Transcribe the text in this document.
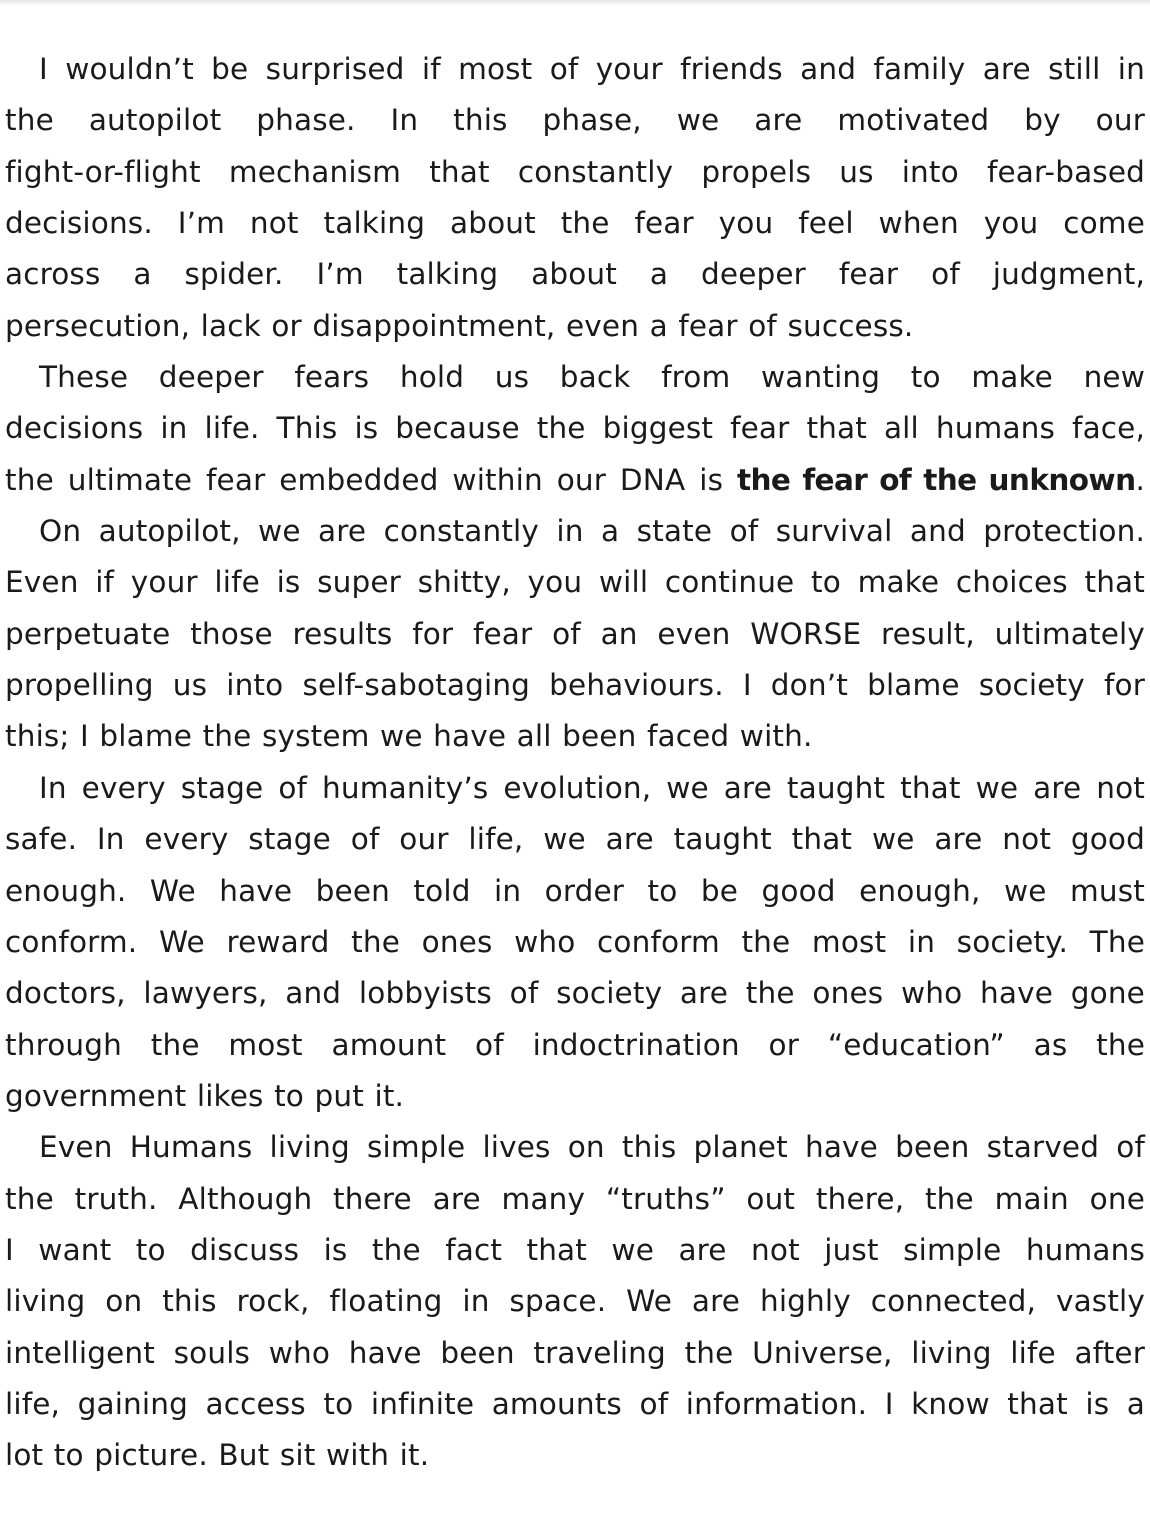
I wouldn’t be surprised if most of your friends and family are still in
the autopilot phase. In this phase, we are motivated by our
fight-or-flight mechanism that constantly propels us into fear-based
decisions. I’m not talking about the fear you feel when you come
across a spider. I’m talking about a deeper fear of judgment,
persecution, lack or disappointment, even a fear of success.

These deeper fears hold us back from wanting to make new
decisions in life. This is because the biggest fear that all humans face,
the ultimate fear embedded within our DNA is the fear of the unknown.

On autopilot, we are constantly in a state of survival and protection.
Even if your life is super shitty, you will continue to make choices that
perpetuate those results for fear of an even WORSE result, ultimately
propelling us into self-sabotaging behaviours. I don’t blame society for
this; I blame the system we have all been faced with.

In every stage of humanity’s evolution, we are taught that we are not
safe. In every stage of our life, we are taught that we are not good
enough. We have been told in order to be good enough, we must
conform. We reward the ones who conform the most in society. The
doctors, lawyers, and lobbyists of society are the ones who have gone
through the most amount of indoctrination or “education” as the
government likes to put it.

Even Humans living simple lives on this planet have been starved of
the truth. Although there are many “truths” out there, the main one
I want to discuss is the fact that we are not just simple humans
living on this rock, floating in space. We are highly connected, vastly
intelligent souls who have been traveling the Universe, living life after
life, gaining access to infinite amounts of information. I know that is a
lot to picture. But sit with it.
